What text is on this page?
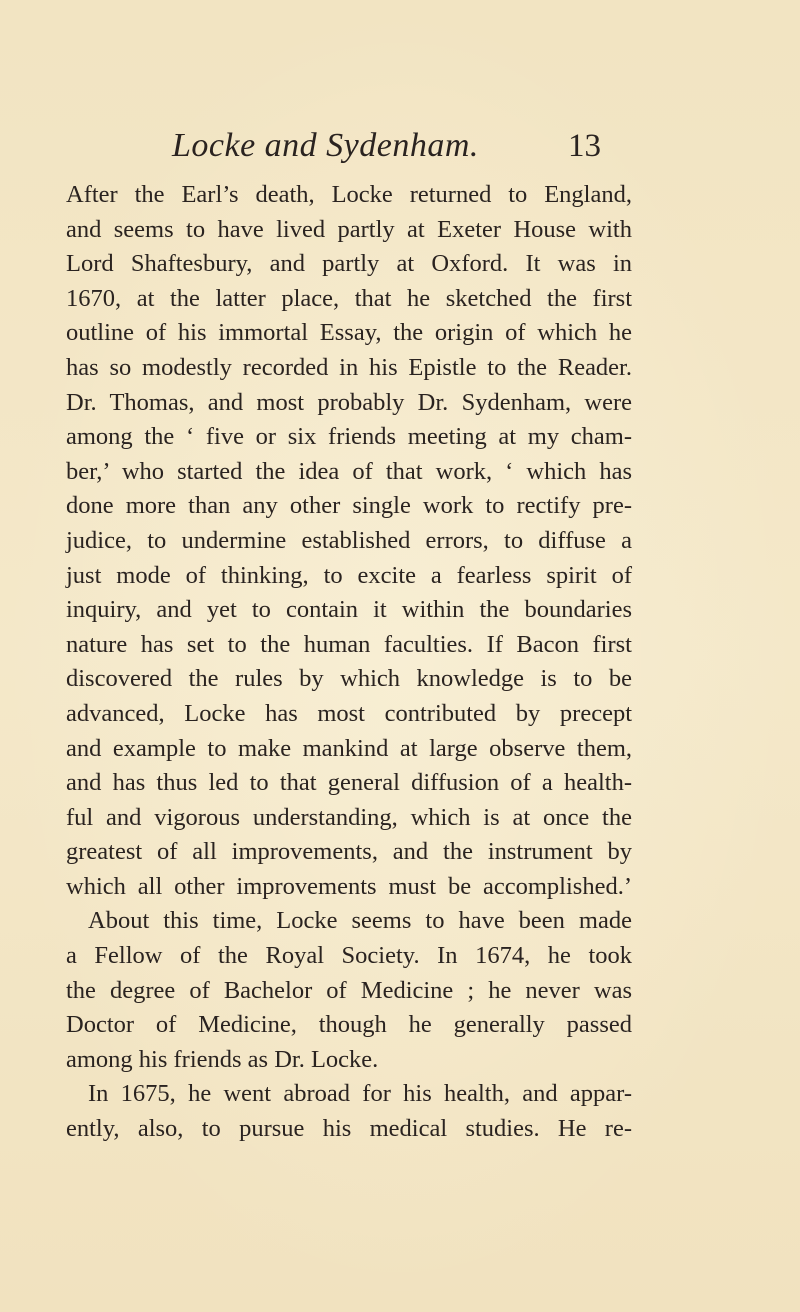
Locke and Sydenham.	13
After the Earl’s death, Locke returned to England,
and seems to have lived partly at Exeter House with
Lord Shaftesbury, and partly at Oxford. It was in
1670, at the latter place, that he sketched the first
outline of his immortal Essay, the origin of which he
has so modestly recorded in his Epistle to the Reader.
Dr. Thomas, and most probably Dr. Sydenham, were
among the ‘ five or six friends meeting at my cham-
ber,’ who started the idea of that work, ‘ which has
done more than any other single work to rectify pre-
judice, to undermine established errors, to diffuse a
just mode of thinking, to excite a fearless spirit of
inquiry, and yet to contain it within the boundaries
nature has set to the human faculties. If Bacon first
discovered the rules by which knowledge is to be
advanced, Locke has most contributed by precept
and example to make mankind at large observe them,
and has thus led to that general diffusion of a health-
ful and vigorous understanding, which is at once the
greatest of all improvements, and the instrument by
which all other improvements must be accomplished.’
About this time, Locke seems to have been made
a Fellow of the Royal Society. In 1674, he took
the degree of Bachelor of Medicine ; he never was
Doctor of Medicine, though he generally passed
among his friends as Dr. Locke.
In 1675, he went abroad for his health, and appar-
ently, also, to pursue his medical studies. He re-
